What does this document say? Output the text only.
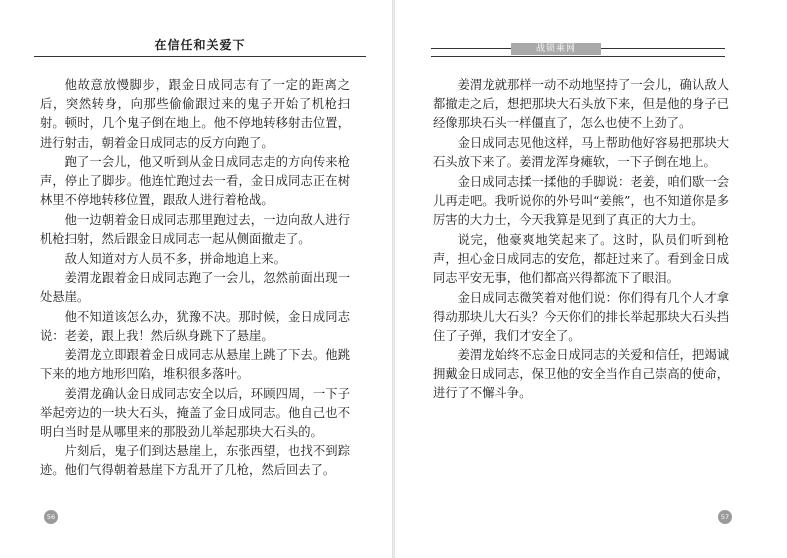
在信任和关爱下

他故意放慢脚步，跟金日成同志有了一定的距离之后，突然转身，向那些偷偷跟过来的鬼子开始了机枪扫射。顿时，几个鬼子倒在地上。他不停地转移射击位置，进行射击，朝着金日成同志的反方向跑了。

跑了一会儿，他又听到从金日成同志走的方向传来枪声，停止了脚步。他连忙跑过去一看，金日成同志正在树林里不停地转移位置，跟敌人进行着枪战。

他一边朝着金日成同志那里跑过去，一边向敌人进行机枪扫射，然后跟金日成同志一起从侧面撤走了。

敌人知道对方人员不多，拼命地追上来。

姜渭龙跟着金日成同志跑了一会儿，忽然前面出现一处悬崖。

他不知道该怎么办，犹豫不决。那时候，金日成同志说：老姜，跟上我！然后纵身跳下了悬崖。

姜渭龙立即跟着金日成同志从悬崖上跳了下去。他跳下来的地方地形凹陷，堆积很多落叶。

姜渭龙确认金日成同志安全以后，环顾四周，一下子举起旁边的一块大石头，掩盖了金日成同志。他自己也不明白当时是从哪里来的那股劲儿举起那块大石头的。

片刻后，鬼子们到达悬崖上，东张西望，也找不到踪迹。他们气得朝着悬崖下方乱开了几枪，然后回去了。

56
战锁乘网

姜渭龙就那样一动不动地坚持了一会儿，确认敌人都撤走之后，想把那块大石头放下来，但是他的身子已经像那块石头一样僵直了，怎么也使不上劲了。

金日成同志见他这样，马上帮助他好容易把那块大石头放下来了。姜渭龙浑身瘫软，一下子倒在地上。

金日成同志揉一揉他的手脚说：老姜，咱们歇一会儿再走吧。我听说你的外号叫“姜熊”，也不知道你是多厉害的大力士，今天我算是见到了真正的大力士。

说完，他豪爽地笑起来了。这时，队员们听到枪声，担心金日成同志的安危，都赶过来了。看到金日成同志平安无事，他们都高兴得都流下了眼泪。

金日成同志微笑着对他们说：你们得有几个人才拿得动那块儿大石头？今天你们的排长举起那块大石头挡住了子弹，我们才安全了。

姜渭龙始终不忘金日成同志的关爱和信任，把竭诚拥戴金日成同志，保卫他的安全当作自己崇高的使命，进行了不懈斗争。

57
